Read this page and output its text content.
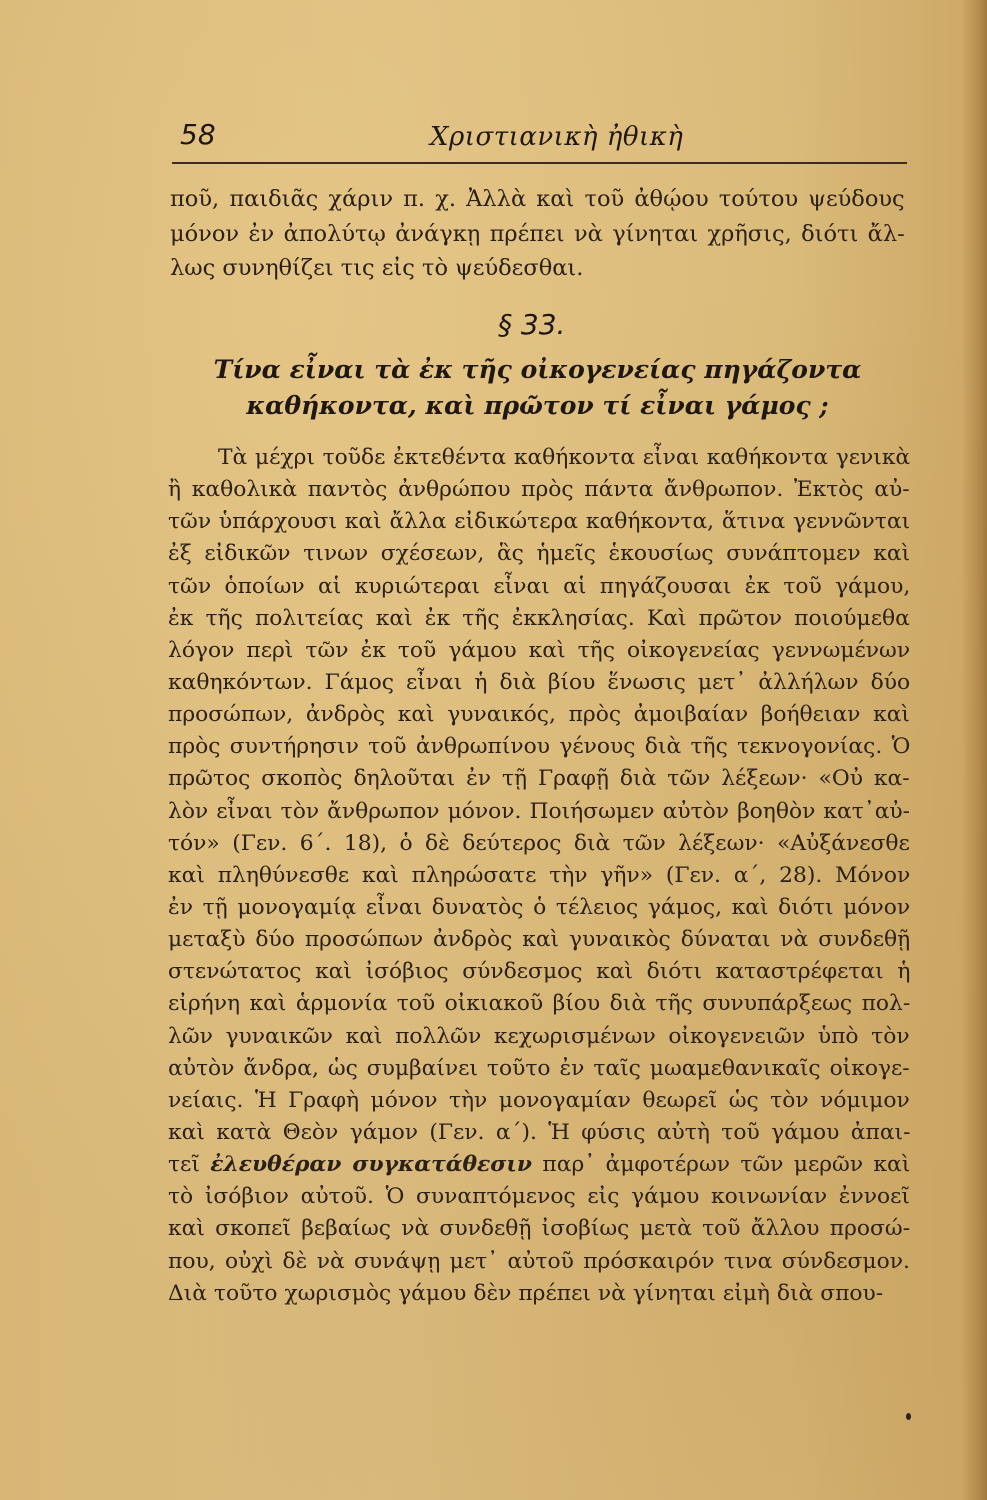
58	Χριστιανικὴ ἠθικὴ
ποῦ, παιδιᾶς χάριν π. χ. Ἀλλὰ καὶ τοῦ ἀθῴου τούτου ψεύδους
μόνον ἐν ἀπολύτῳ ἀνάγκῃ πρέπει νὰ γίνηται χρῆσις, διότι ἄλ-
λως συνηθίζει τις εἰς τὸ ψεύδεσθαι.
§ 33.
Τίνα εἶναι τὰ ἐκ τῆς οἰκογενείας πηγάζοντα
καθήκοντα, καὶ πρῶτον τί εἶναι γάμος ;
Τὰ μέχρι τοῦδε ἐκτεθέντα καθήκοντα εἶναι καθήκοντα γενικὰ
ἢ καθολικὰ παντὸς ἀνθρώπου πρὸς πάντα ἄνθρωπον. Ἐκτὸς αὐ-
τῶν ὑπάρχουσι καὶ ἄλλα εἰδικώτερα καθήκοντα, ἅτινα γεννῶνται
ἐξ εἰδικῶν τινων σχέσεων, ἃς ἡμεῖς ἑκουσίως συνάπτομεν καὶ
τῶν ὁποίων αἱ κυριώτεραι εἶναι αἱ πηγάζουσαι ἐκ τοῦ γάμου,
ἐκ τῆς πολιτείας καὶ ἐκ τῆς ἐκκλησίας. Καὶ πρῶτον ποιούμεθα
λόγον περὶ τῶν ἐκ τοῦ γάμου καὶ τῆς οἰκογενείας γεννωμένων
καθηκόντων. Γάμος εἶναι ἡ διὰ βίου ἕνωσις μετ᾽ ἀλλήλων δύο
προσώπων, ἀνδρὸς καὶ γυναικός, πρὸς ἀμοιβαίαν βοήθειαν καὶ
πρὸς συντήρησιν τοῦ ἀνθρωπίνου γένους διὰ τῆς τεκνογονίας. Ὁ
πρῶτος σκοπὸς δηλοῦται ἐν τῇ Γραφῇ διὰ τῶν λέξεων· «Οὐ κα-
λὸν εἶναι τὸν ἄνθρωπον μόνον. Ποιήσωμεν αὐτὸν βοηθὸν κατ᾽αὐ-
τόν» (Γεν. 6΄. 18), ὁ δὲ δεύτερος διὰ τῶν λέξεων· «Αὐξάνεσθε
καὶ πληθύνεσθε καὶ πληρώσατε τὴν γῆν» (Γεν. α΄, 28). Μόνον
ἐν τῇ μονογαμίᾳ εἶναι δυνατὸς ὁ τέλειος γάμος, καὶ διότι μόνον
μεταξὺ δύο προσώπων ἀνδρὸς καὶ γυναικὸς δύναται νὰ συνδεθῇ
στενώτατος καὶ ἰσόβιος σύνδεσμος καὶ διότι καταστρέφεται ἡ
εἰρήνη καὶ ἁρμονία τοῦ οἰκιακοῦ βίου διὰ τῆς συνυπάρξεως πολ-
λῶν γυναικῶν καὶ πολλῶν κεχωρισμένων οἰκογενειῶν ὑπὸ τὸν
αὐτὸν ἄνδρα, ὡς συμβαίνει τοῦτο ἐν ταῖς μωαμεθανικαῖς οἰκογε-
νείαις. Ἡ Γραφὴ μόνον τὴν μονογαμίαν θεωρεῖ ὡς τὸν νόμιμον
καὶ κατὰ Θεὸν γάμον (Γεν. α΄). Ἡ φύσις αὐτὴ τοῦ γάμου ἀπαι-
τεῖ ἐλευθέραν συγκατάθεσιν παρ᾽ ἀμφοτέρων τῶν μερῶν καὶ
τὸ ἰσόβιον αὐτοῦ. Ὁ συναπτόμενος εἰς γάμου κοινωνίαν ἐννοεῖ
καὶ σκοπεῖ βεβαίως νὰ συνδεθῇ ἰσοβίως μετὰ τοῦ ἄλλου προσώ-
που, οὐχὶ δὲ νὰ συνάψῃ μετ᾽ αὐτοῦ πρόσκαιρόν τινα σύνδεσμον.
Διὰ τοῦτο χωρισμὸς γάμου δὲν πρέπει νὰ γίνηται εἰμὴ διὰ σπου-
